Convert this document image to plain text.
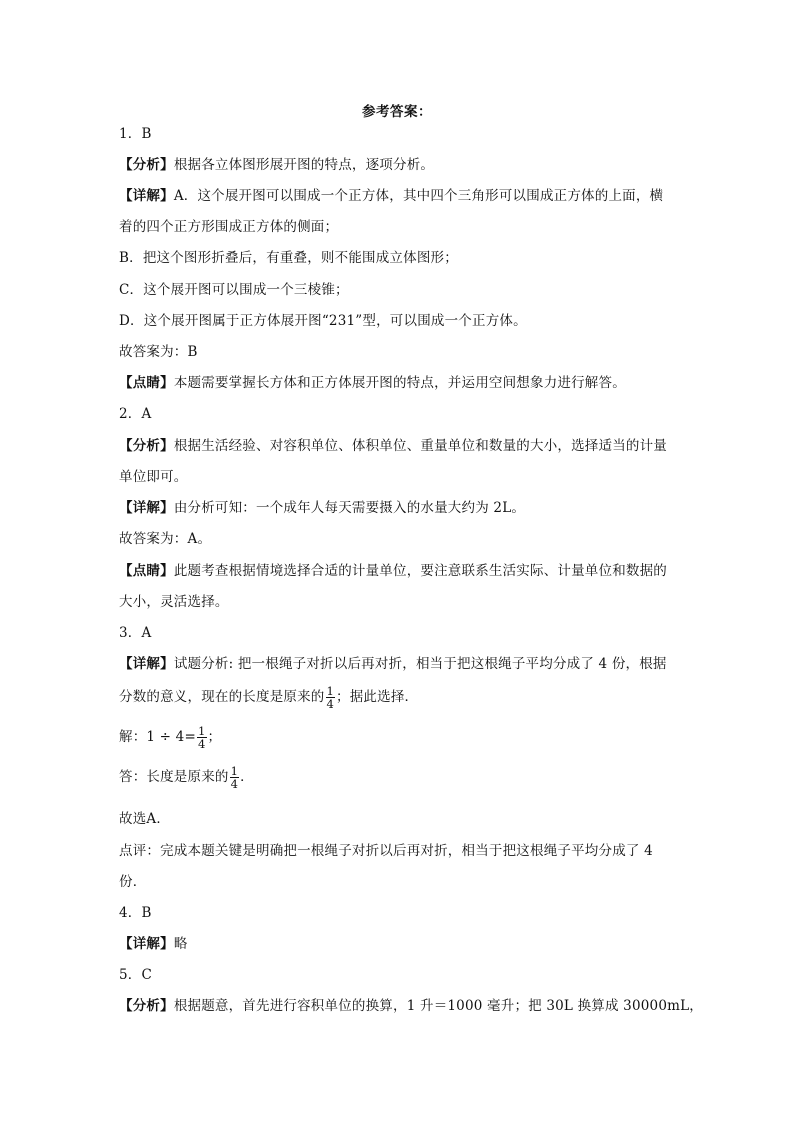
参考答案：
1．B
【分析】根据各立体图形展开图的特点，逐项分析。
【详解】A．这个展开图可以围成一个正方体，其中四个三角形可以围成正方体的上面，横
着的四个正方形围成正方体的侧面；
B．把这个图形折叠后，有重叠，则不能围成立体图形；
C．这个展开图可以围成一个三棱锥；
D．这个展开图属于正方体展开图“231”型，可以围成一个正方体。
故答案为：B
【点睛】本题需要掌握长方体和正方体展开图的特点，并运用空间想象力进行解答。
2．A
【分析】根据生活经验、对容积单位、体积单位、重量单位和数量的大小，选择适当的计量
单位即可。
【详解】由分析可知：一个成年人每天需要摄入的水量大约为 2L。
故答案为：A。
【点睛】此题考查根据情境选择合适的计量单位，要注意联系生活实际、计量单位和数据的
大小，灵活选择。
3．A
【详解】试题分析: 把一根绳子对折以后再对折，相当于把这根绳子平均分成了 4 份，根据
分数的意义，现在的长度是原来的 $\frac{1}{4}$ ；据此选择．
解：$1 \div 4= \frac{1}{4}$ ；
答：长度是原来的 $\frac{1}{4}$ ．
故选A．
点评：完成本题关键是明确把一根绳子对折以后再对折，相当于把这根绳子平均分成了 4
份．
4．B
【详解】略
5．C
【分析】根据题意，首先进行容积单位的换算，1 升＝1000 毫升；把 30L 换算成 30000mL，
